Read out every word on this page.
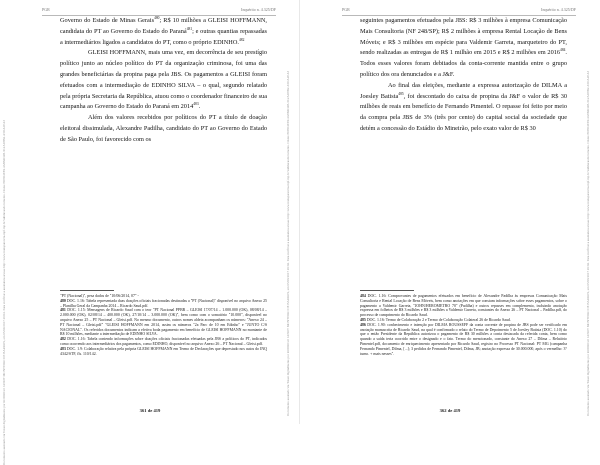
Documento assinado via Token digitalmente por RODRIGO JANOT MONTEIRO DE BARROS, em 05/09/2017 20:04. Para verificar a assinatura acesse http://www.transparencia.mpf.mp.br/validacaodocumento. Chave 8D8D4EE9.4A8B4D4B.3C2AD8B2.A5DA2EA3
PGR	Inquérito n. 4.325/DF

Governo do Estado de Minas Gerais$^{480}$; R$ 10 milhões a GLEISI HOFFMANN, candidata do PT ao Governo do Estado do Paraná$^{481}$; e outras quantias repassadas a intermediários ligados a candidatos do PT, como o próprio EDINHO.$^{482}$

GLEISI HOFFMANN, mais uma vez, em decorrência de seu prestígio político junto ao núcleo político do PT da organização criminosa, foi uma das grandes beneficiárias da propina paga pela JBS. Os pagamentos a GLEISI foram efetuados com a intermediação de EDINHO SILVA – o qual, segundo relatado pela própria Secretaria da República, atuou como o coordenador financeiro de sua campanha ao Governo do Estado do Paraná em 2014$^{483}$.

Além dos valores recebidos por políticos do PT a título de doação eleitoral dissimulada, Alexandre Padilha, candidato do PT ao Governo do Estado de São Paulo, foi favorecido com os

"PT (Nacional)", pesa dados de "10/06/2014, 07" -

480 DOC. 1.16: Tabela representada doas doações oficiais fracionadas destinadas a "PT (Nacional)" disponível no arquivo Anexo 25 – Planilha Geral da Campanha 2014 – Ricardo Saud.pdf.

481 DOC. 1.15: Mensagens de Ricardo Saud com o teor "PT Nacional PPBR – GLEISI 17/07/14 – 1.000.000 (OK), 08/08/14 – 2.000.000 (OK), 02/08/14 – 400.000 (OK), 27/10/14 – 3.000.000 (OK)", bem como com o somatório "10.000", disponível no arquivo Anexo 25 – PT Nacional – Gleisi.pdf. No mesmo documento, outros nomes aldeia acompanham os números: "Anexo 24 – PT Nacional – Gleisi.pdf" "GLEISI HOFFMANN em 2014, assim os números "2a Parc de 10 em Edinho" e "JUNTO C/S NACIONAL". Os referidos documentos indicam a efetiva boda pagamento em benefício de GLEISI HOFFMANN no montante de R$ 10 milhões, mediante a intermediação de EDINHO SILVA.

482 DOC. 1.16: Tabela contendo informações sobre doações oficiais fracionadas efetuadas pela JBS a políticos do PT, indicados como ocorrendo aos intermediários dos pagamentos, como EDINHO, disponível no arquivo Anexo 26 – PT Nacional – Gleisi.pdf.

483 DOC. 1.9: Colaboração relativa pela própria GLEISI HOFFMANN em Termo de Declarações que deprestado nos autos do INQ 4342/STF, fls. 110/142.

361 de 419	Documento assinado via Token digitalmente por RODRIGO JANOT MONTEIRO DE BARROS, em 05/09/2017 20:04. Para verificar a assinatura acesse http://www.transparencia.mpf.mp.br/validacaodocumento. Chave 8D8D4EE9.4A8B4D4B.3C2AD8B2.A5DA2EA3
PGR	Inquérito n. 4.325/DF

seguintes pagamentos efetuados pela JBS: R$ 3 milhões à empresa Comunicação Mais Consultoria (NF 248/SP); R$ 2 milhões à empresa Rental Locação de Bens Móveis; e R$ 3 milhões em espécie para Valdemir Garreta, marqueteiro do PT, sendo realizadas as entregas de R$ 1 milhão em 2015 e R$ 2 milhões em 2016$^{484}$. Todos esses valores foram debitados da conta-corrente mantida entre o grupo político dos ora denunciados e a J&F.

Ao final das eleições, mediante a expressa autorização de DILMA a Joesley Batista$^{485}$, foi descontado do caixa de propina da J&F o valor de R$ 30 milhões de reais em benefício de Fernando Pimentel. O repasse foi feito por meio da compra pela JBS de 3% (três por cento) do capital social da sociedade que detém a concessão do Estádio do Mineirão, pelo exato valor de R$ 30

484 DOC. 1.16: Comprovantes de pagamentos efetuados em benefício de Alexandre Padilha às empresas Comunicação Mais Consultoria e Rental Locação de Bens Móveis, bem como anotações em que constam informações sobre esses pagamentos, sobre o pagamento a Valdemir Garreta, "JOHN/HEROMETRO 70" (Padilha) e outros repasses em complemento, incluindo anotação expressa em folhetos de R$ 3 milhões e R$ 3 milhões a Valdemir Garreta, constantes do Anexo 26 – PT Nacional – Padilha.pdf, do processo de cumprimento do Ricardo Saud.

485 DOC. 1.16: Termo de Colaboração 2 e Termo de Colaboração Colateral 26 de Ricardo Saud.

486 DOC. 1.90: conhecimento e intenção por DILMA ROUSSEFF da conta corrente de propina de JBS pode ser verificado em anotação manuscrita de Ricardo Saud, na qual é confirmado o relato do Termo de Depoimento 5 de Joesley Batista (DOC. 1.10) do que o então Presidente da República autorizou o pagamento de R$ 30 milhões a conta destacada da referida conta, bem como quando a saída teria ocorrido entre o designado e o fato. Termo do mencionado, constante do Anexo 27 – Dilma – Relatório Pimentel.pdf, documento de enriquecimento apresentado por Ricardo Saud, registro no Processo PT Nacional: PT MG (campanha Fernando Pimentel, Dilma, [...]; 3 pedidos de Fernando Pimentel, Dilma, JB; anotação expressa de 30.000.000, após o vermelho: 3° turno. + mais nesses".

362 de 419	Documento assinado via Token digitalmente por RODRIGO JANOT MONTEIRO DE BARROS, em 05/09/2017 20:04. Para verificar a assinatura acesse http://www.transparencia.mpf.mp.br/validacaodocumento. Chave 8D8D4EE9.4A8B4D4B.3C2AD8B2.A5DA2EA3
